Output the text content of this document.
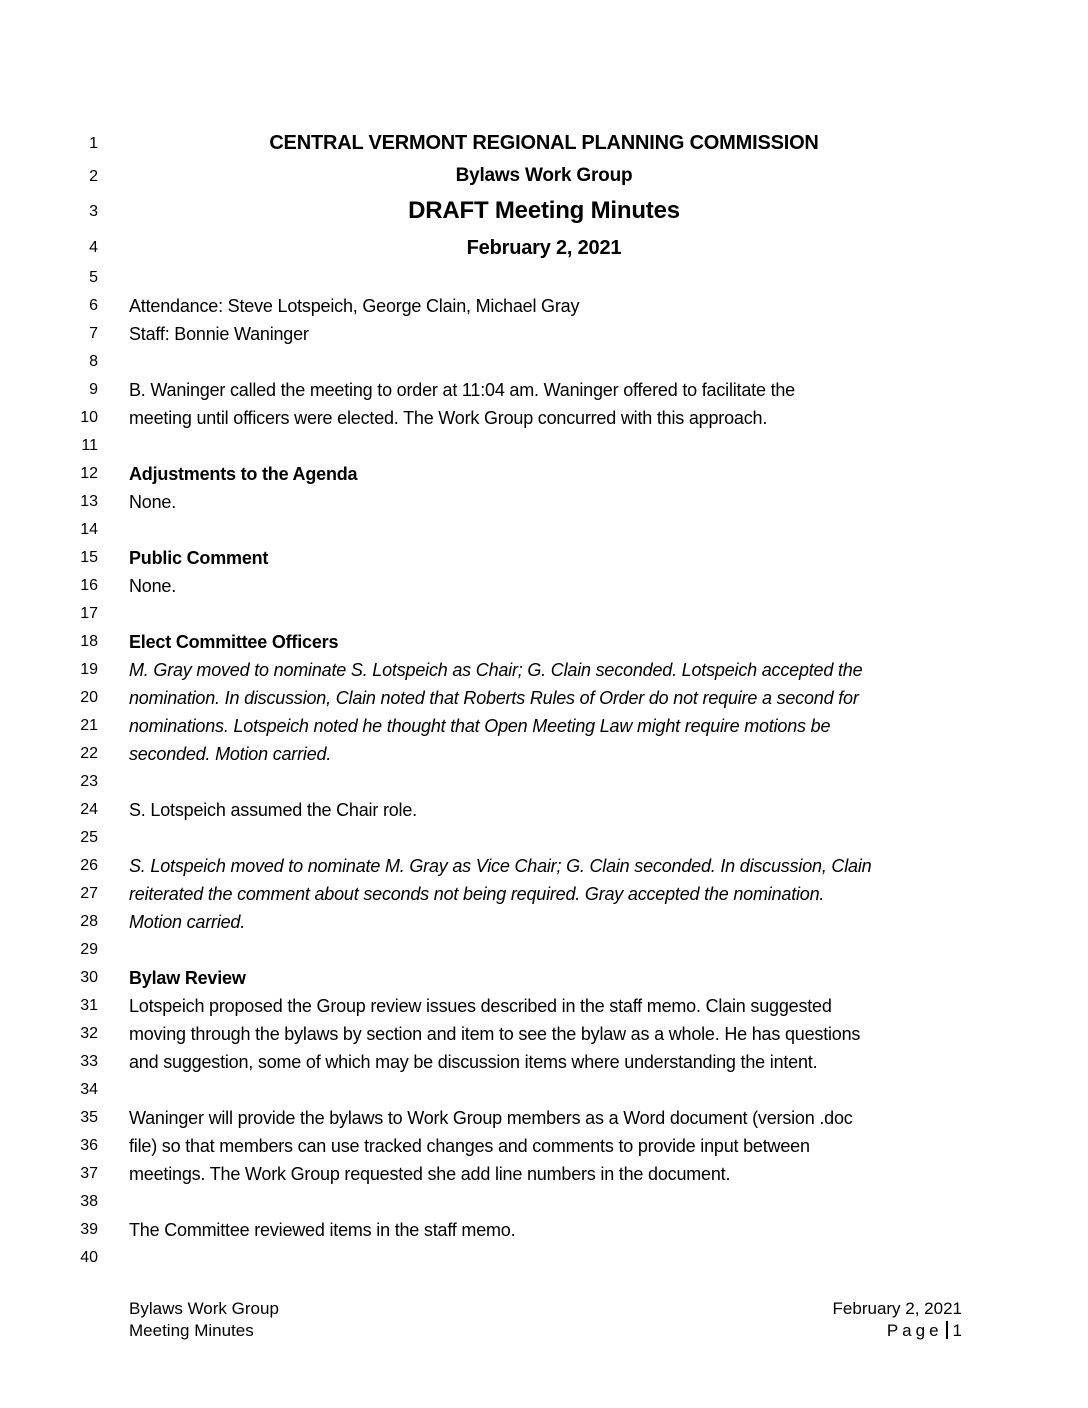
1	CENTRAL VERMONT REGIONAL PLANNING COMMISSION
2	Bylaws Work Group
3	DRAFT Meeting Minutes
4	February 2, 2021
5
6 Attendance: Steve Lotspeich, George Clain, Michael Gray
7 Staff: Bonnie Waninger
8
9 B. Waninger called the meeting to order at 11:04 am. Waninger offered to facilitate the
10 meeting until officers were elected. The Work Group concurred with this approach.
11
12 Adjustments to the Agenda
13 None.
14
15 Public Comment
16 None.
17
18 Elect Committee Officers
19 M. Gray moved to nominate S. Lotspeich as Chair; G. Clain seconded. Lotspeich accepted the
20 nomination. In discussion, Clain noted that Roberts Rules of Order do not require a second for
21 nominations. Lotspeich noted he thought that Open Meeting Law might require motions be
22 seconded. Motion carried.
23
24 S. Lotspeich assumed the Chair role.
25
26 S. Lotspeich moved to nominate M. Gray as Vice Chair; G. Clain seconded. In discussion, Clain
27 reiterated the comment about seconds not being required. Gray accepted the nomination.
28 Motion carried.
29
30 Bylaw Review
31 Lotspeich proposed the Group review issues described in the staff memo. Clain suggested
32 moving through the bylaws by section and item to see the bylaw as a whole. He has questions
33 and suggestion, some of which may be discussion items where understanding the intent.
34
35 Waninger will provide the bylaws to Work Group members as a Word document (version .doc
36 file) so that members can use tracked changes and comments to provide input between
37 meetings. The Work Group requested she add line numbers in the document.
38
39 The Committee reviewed items in the staff memo.
40
Bylaws Work Group
Meeting Minutes
February 2, 2021
Page 1
